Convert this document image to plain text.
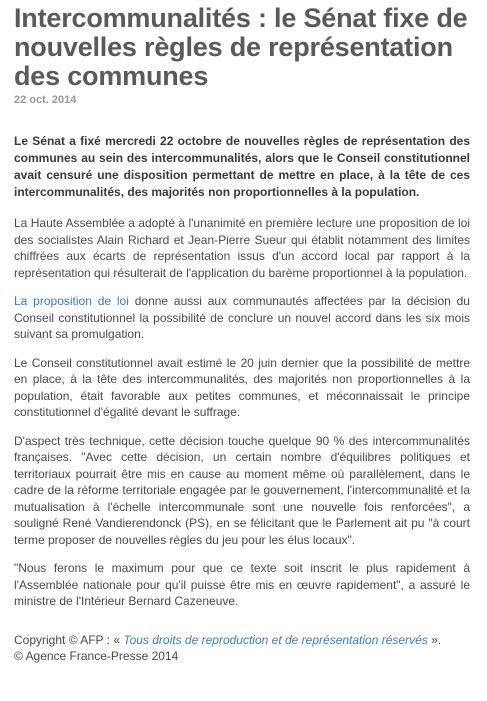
Intercommunalités : le Sénat fixe de nouvelles règles de représentation des communes
22 oct. 2014

Le Sénat a fixé mercredi 22 octobre de nouvelles règles de représentation des communes au sein des intercommunalités, alors que le Conseil constitutionnel avait censuré une disposition permettant de mettre en place, à la tête de ces intercommunalités, des majorités non proportionnelles à la population.

La Haute Assemblée a adopté à l'unanimité en première lecture une proposition de loi des socialistes Alain Richard et Jean-Pierre Sueur qui établit notamment des limites chiffrées aux écarts de représentation issus d'un accord local par rapport à la représentation qui résulterait de l'application du barème proportionnel à la population.

La proposition de loi donne aussi aux communautés affectées par la décision du Conseil constitutionnel la possibilité de conclure un nouvel accord dans les six mois suivant sa promulgation.

Le Conseil constitutionnel avait estimé le 20 juin dernier que la possibilité de mettre en place, à la tête des intercommunalités, des majorités non proportionnelles à la population, était favorable aux petites communes, et méconnaissait le principe constitutionnel d'égalité devant le suffrage.

D'aspect très technique, cette décision touche quelque 90 % des intercommunalités françaises. "Avec cette décision, un certain nombre d'équilibres politiques et territoriaux pourrait être mis en cause au moment même où parallèlement, dans le cadre de la réforme territoriale engagée par le gouvernement, l'intercommunalité et la mutualisation à l'échelle intercommunale sont une nouvelle fois renforcées", a souligné René Vandierendonck (PS), en se félicitant que le Parlement ait pu "à court terme proposer de nouvelles règles du jeu pour les élus locaux".

"Nous ferons le maximum pour que ce texte soit inscrit le plus rapidement à l'Assemblée nationale pour qu'il puisse être mis en œuvre rapidement", a assuré le ministre de l'Intérieur Bernard Cazeneuve.

Copyright © AFP : « Tous droits de reproduction et de représentation réservés ».
© Agence France-Presse 2014
